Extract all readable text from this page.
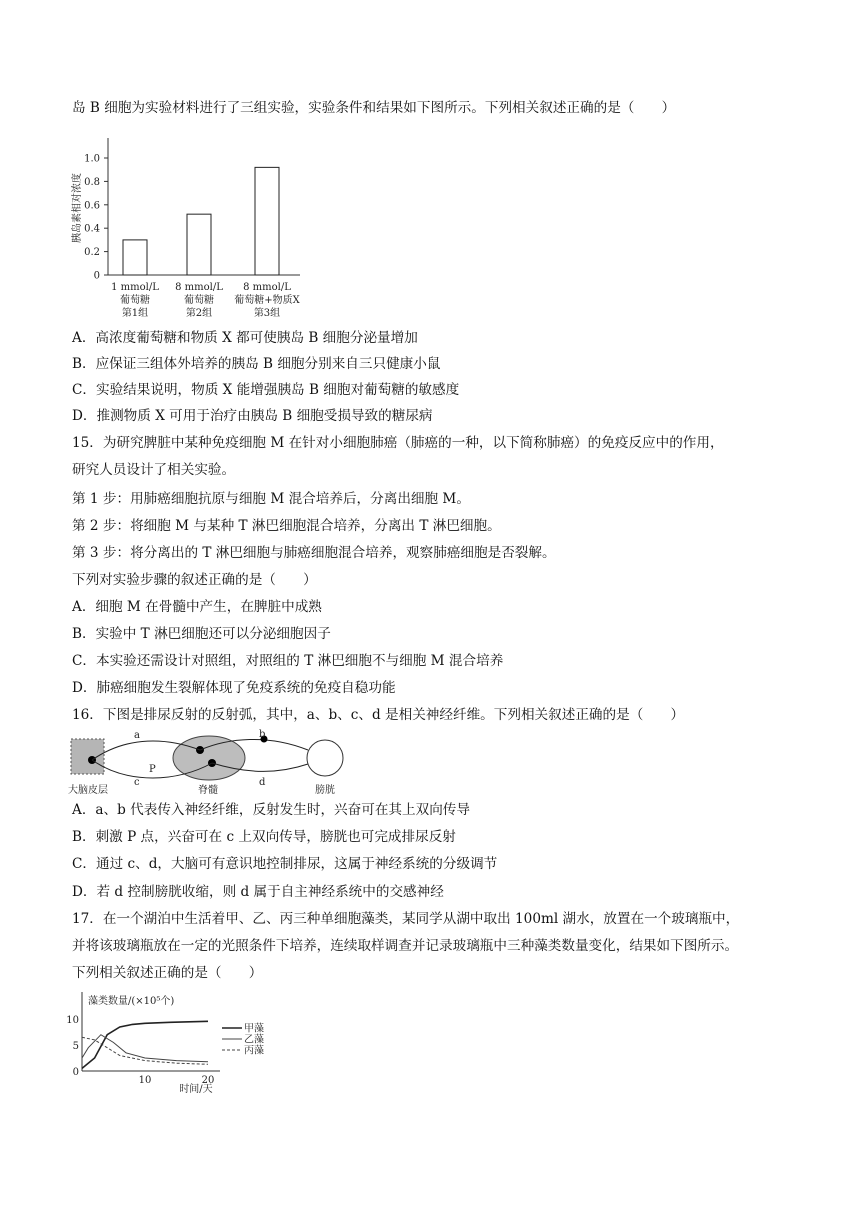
岛 B 细胞为实验材料进行了三组实验，实验条件和结果如下图所示。下列相关叙述正确的是（　　）
0
0.2
0.4
0.6
0.8
1.0
胰岛素相对浓度
1 mmol/L
葡萄糖
第1组
8 mmol/L
葡萄糖
第2组
8 mmol/L
葡萄糖+物质X
第3组
A．高浓度葡萄糖和物质 X 都可使胰岛 B 细胞分泌量增加
B．应保证三组体外培养的胰岛 B 细胞分别来自三只健康小鼠
C．实验结果说明，物质 X 能增强胰岛 B 细胞对葡萄糖的敏感度
D．推测物质 X 可用于治疗由胰岛 B 细胞受损导致的糖尿病
15．为研究脾脏中某种免疫细胞 M 在针对小细胞肺癌（肺癌的一种，以下简称肺癌）的免疫反应中的作用，
研究人员设计了相关实验。
第 1 步：用肺癌细胞抗原与细胞 M 混合培养后，分离出细胞 M。
第 2 步：将细胞 M 与某种 T 淋巴细胞混合培养，分离出 T 淋巴细胞。
第 3 步：将分离出的 T 淋巴细胞与肺癌细胞混合培养，观察肺癌细胞是否裂解。
下列对实验步骤的叙述正确的是（　　）
A．细胞 M 在骨髓中产生，在脾脏中成熟
B．实验中 T 淋巴细胞还可以分泌细胞因子
C．本实验还需设计对照组，对照组的 T 淋巴细胞不与细胞 M 混合培养
D．肺癌细胞发生裂解体现了免疫系统的免疫自稳功能
16．下图是排尿反射的反射弧，其中，a、b、c、d 是相关神经纤维。下列相关叙述正确的是（　　）
a	b
c	d
P
大脑皮层	脊髓	膀胱
A．a、b 代表传入神经纤维，反射发生时，兴奋可在其上双向传导
B．刺激 P 点，兴奋可在 c 上双向传导，膀胱也可完成排尿反射
C．通过 c、d，大脑可有意识地控制排尿，这属于神经系统的分级调节
D．若 d 控制膀胱收缩，则 d 属于自主神经系统中的交感神经
17．在一个湖泊中生活着甲、乙、丙三种单细胞藻类，某同学从湖中取出 100ml 湖水，放置在一个玻璃瓶中，
并将该玻璃瓶放在一定的光照条件下培养，连续取样调查并记录玻璃瓶中三种藻类数量变化，结果如下图所示。
下列相关叙述正确的是（　　）
藻类数量/(×10⁵个)
0
5
10
10	20
时间/天
甲藻
乙藻
丙藻
